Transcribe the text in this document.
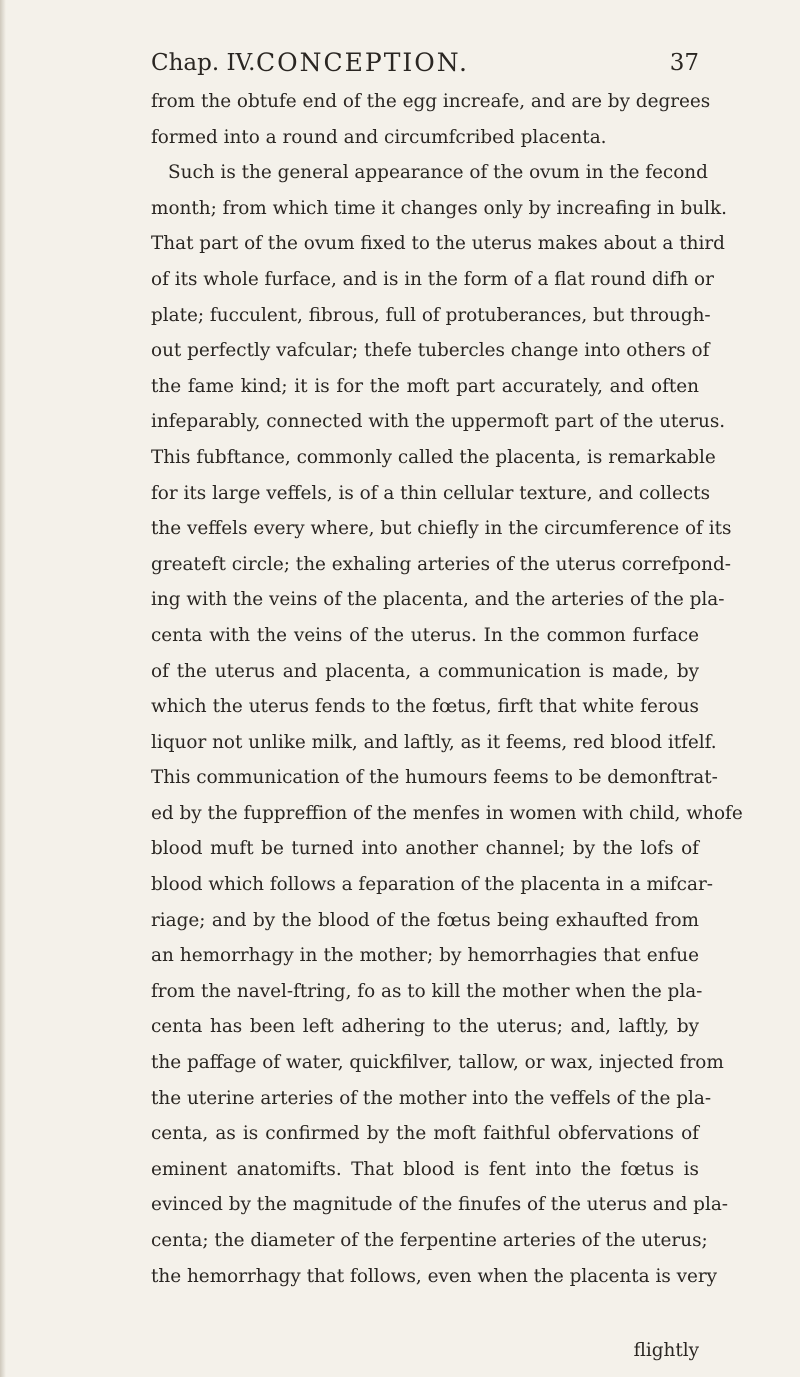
Chap. IV. CONCEPTION.	37
from the obtufe end of the egg increafe, and are by degrees
formed into a round and circumfcribed placenta.
Such is the general appearance of the ovum in the fecond
month; from which time it changes only by increafing in bulk.
That part of the ovum fixed to the uterus makes about a third
of its whole furface, and is in the form of a flat round difh or
plate; fucculent, fibrous, full of protuberances, but through-
out perfectly vafcular; thefe tubercles change into others of
the fame kind; it is for the moft part accurately, and often
infeparably, connected with the uppermoft part of the uterus.
This fubftance, commonly called the placenta, is remarkable
for its large veffels, is of a thin cellular texture, and collects
the veffels every where, but chiefly in the circumference of its
greateft circle; the exhaling arteries of the uterus correfpond-
ing with the veins of the placenta, and the arteries of the pla-
centa with the veins of the uterus. In the common furface
of the uterus and placenta, a communication is made, by
which the uterus fends to the fœtus, firft that white ferous
liquor not unlike milk, and laftly, as it feems, red blood itfelf.
This communication of the humours feems to be demonftrat-
ed by the fuppreffion of the menfes in women with child, whofe
blood muft be turned into another channel; by the lofs of
blood which follows a feparation of the placenta in a mifcar-
riage; and by the blood of the fœtus being exhaufted from
an hemorrhagy in the mother; by hemorrhagies that enfue
from the navel-ftring, fo as to kill the mother when the pla-
centa has been left adhering to the uterus; and, laftly, by
the paffage of water, quickfilver, tallow, or wax, injected from
the uterine arteries of the mother into the veffels of the pla-
centa, as is confirmed by the moft faithful obfervations of
eminent anatomifts. That blood is fent into the fœtus is
evinced by the magnitude of the finufes of the uterus and pla-
centa; the diameter of the ferpentine arteries of the uterus;
the hemorrhagy that follows, even when the placenta is very
flightly
